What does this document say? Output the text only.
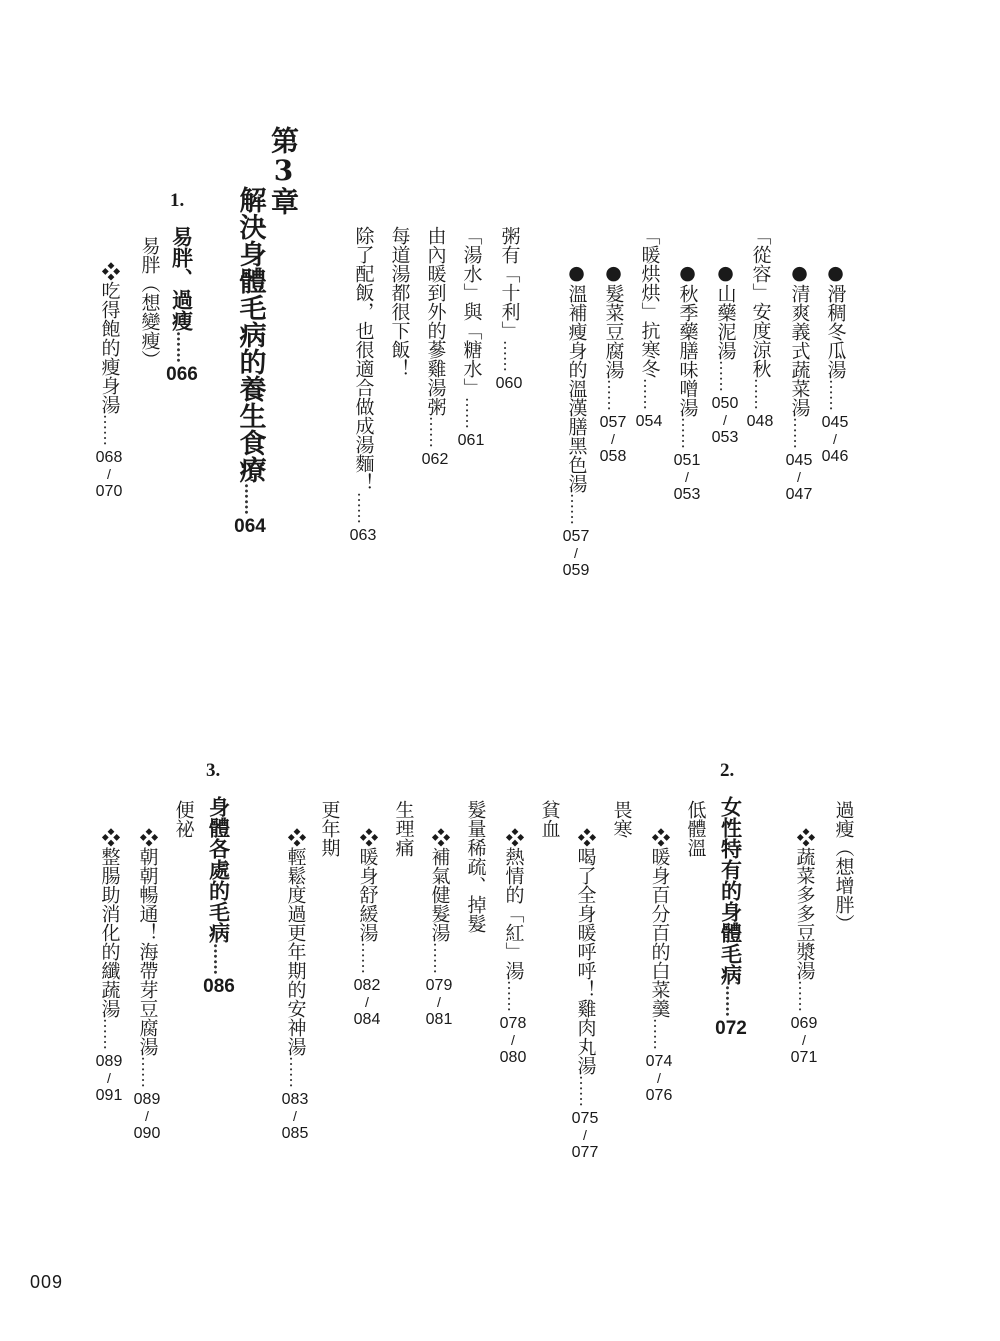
●滑稠冬瓜湯
……
045
/
046
●清爽義式蔬菜湯
……
045
/
047
「從容」安度涼秋
……
048
●山藥泥湯
……
050
/
053
●秋季藥膳味噌湯
……
051
/
053
「暖烘烘」抗寒冬
……
054
●髮菜豆腐湯
……
057
/
058
●溫補瘦身的溫漢膳黑色湯
……
057
/
059
粥有「十利」
……
060
「湯水」與「糖水」
……
061
由內暖到外的蔘雞湯粥
……
062
每道湯都很下飯！
除了配飯，也很適合做成湯麵！
……
063
第3章
解決身體毛病的養生食療
……
064
1.
易胖、過瘦
……
066
易胖（想變瘦）
❖吃得飽的瘦身湯
……
068
/
070
過瘦（想增胖）
❖蔬菜多多豆漿湯
……
069
/
071
2.
女性特有的身體毛病
……
072
低體溫
❖暖身百分百的白菜羹
……
074
/
076
畏寒
❖喝了全身暖呼呼！雞肉丸湯
……
075
/
077
貧血
❖熱情的「紅」湯
……
078
/
080
髮量稀疏、掉髮
❖補氣健髮湯
……
079
/
081
生理痛
❖暖身舒緩湯
……
082
/
084
更年期
❖輕鬆度過更年期的安神湯
……
083
/
085
3.
身體各處的毛病
……
086
便祕
❖朝朝暢通！海帶芽豆腐湯
……
089
/
090
❖整腸助消化的纖蔬湯
……
089
/
091
009
